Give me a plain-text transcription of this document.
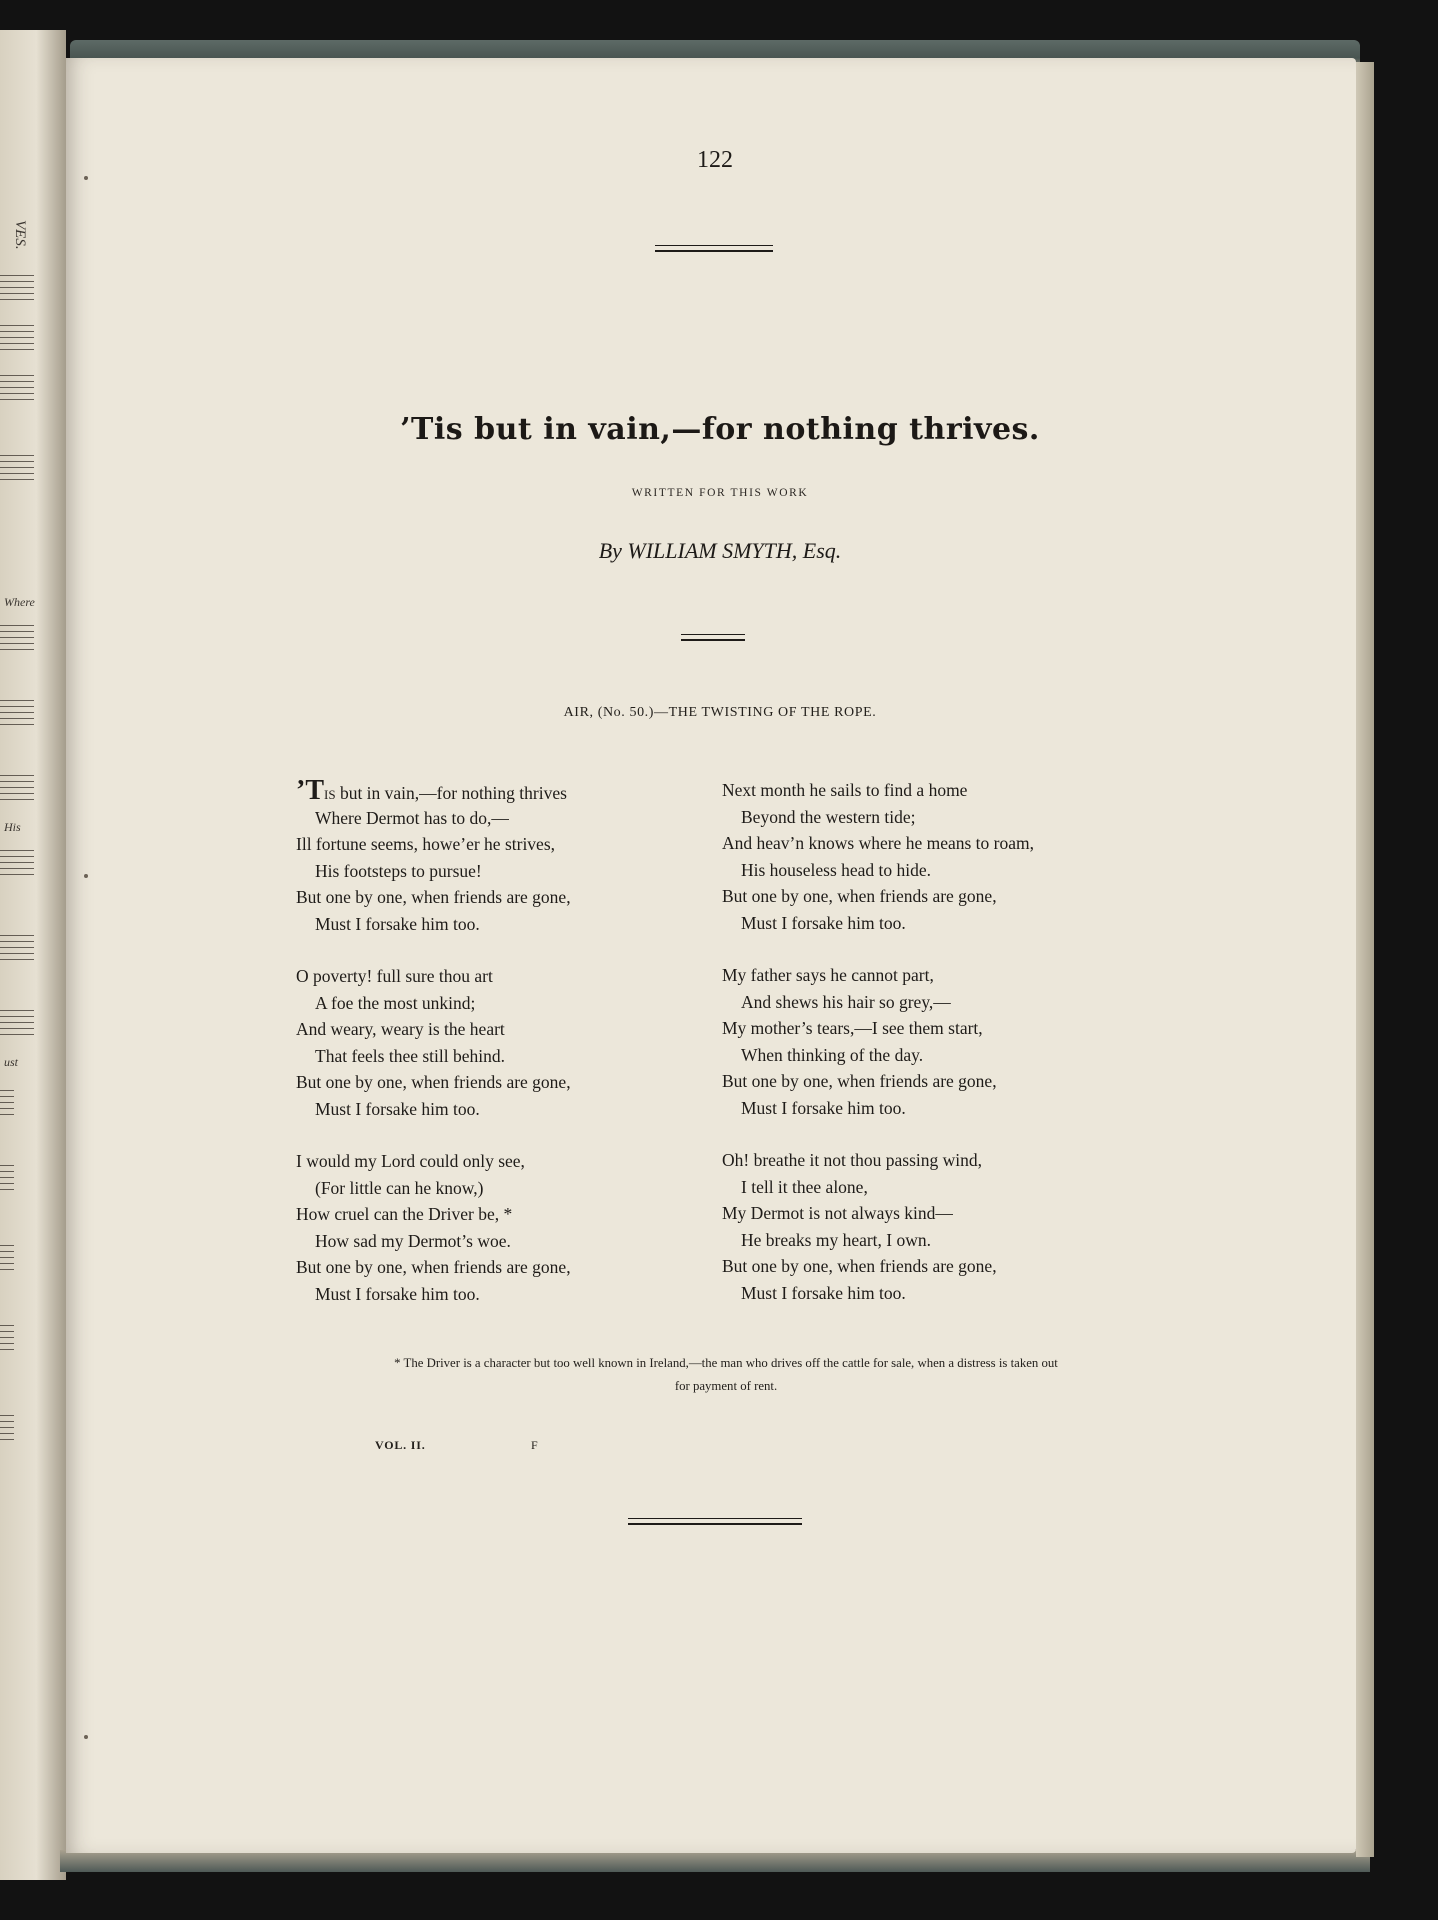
VES.
Where
His
ust

122
’Tis but in vain,—for nothing thrives.
WRITTEN FOR THIS WORK
By WILLIAM SMYTH, Esq.
AIR, (No. 50.)—THE TWISTING OF THE ROPE.
’TIS but in vain,—for nothing thrives
Where Dermot has to do,—
Ill fortune seems, howe’er he strives,
His footsteps to pursue!
But one by one, when friends are gone,
Must I forsake him too.
O poverty! full sure thou art
A foe the most unkind;
And weary, weary is the heart
That feels thee still behind.
But one by one, when friends are gone,
Must I forsake him too.
I would my Lord could only see,
(For little can he know,)
How cruel can the Driver be, *
How sad my Dermot’s woe.
But one by one, when friends are gone,
Must I forsake him too.
Next month he sails to find a home
Beyond the western tide;
And heav’n knows where he means to roam,
His houseless head to hide.
But one by one, when friends are gone,
Must I forsake him too.
My father says he cannot part,
And shews his hair so grey,—
My mother’s tears,—I see them start,
When thinking of the day.
But one by one, when friends are gone,
Must I forsake him too.
Oh! breathe it not thou passing wind,
I tell it thee alone,
My Dermot is not always kind—
He breaks my heart, I own.
But one by one, when friends are gone,
Must I forsake him too.
* The Driver is a character but too well known in Ireland,—the man who drives off the cattle for sale, when a distress is taken out
for payment of rent.
VOL. II.	F
